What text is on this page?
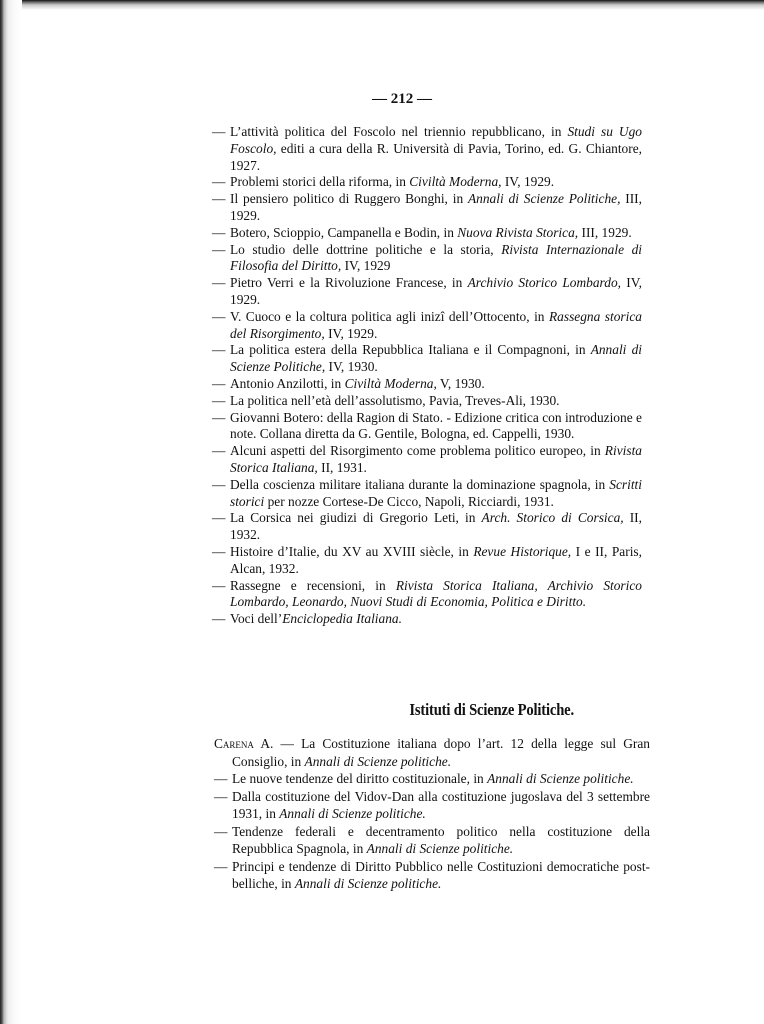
— 212 —
— L’attività politica del Foscolo nel triennio repubblicano, in Studi su Ugo Foscolo, editi a cura della R. Università di Pavia, Torino, ed. G. Chiantore, 1927.
— Problemi storici della riforma, in Civiltà Moderna, IV, 1929.
— Il pensiero politico di Ruggero Bonghi, in Annali di Scienze Politiche, III, 1929.
— Botero, Scioppio, Campanella e Bodin, in Nuova Rivista Storica, III, 1929.
— Lo studio delle dottrine politiche e la storia, Rivista Internazionale di Filosofia del Diritto, IV, 1929
— Pietro Verri e la Rivoluzione Francese, in Archivio Storico Lombardo, IV, 1929.
— V. Cuoco e la coltura politica agli inizî dell’Ottocento, in Rassegna storica del Risorgimento, IV, 1929.
— La politica estera della Repubblica Italiana e il Compagnoni, in Annali di Scienze Politiche, IV, 1930.
— Antonio Anzilotti, in Civiltà Moderna, V, 1930.
— La politica nell’età dell’assolutismo, Pavia, Treves-Ali, 1930.
— Giovanni Botero: della Ragion di Stato. - Edizione critica con introduzione e note. Collana diretta da G. Gentile, Bologna, ed. Cappelli, 1930.
— Alcuni aspetti del Risorgimento come problema politico europeo, in Rivista Storica Italiana, II, 1931.
— Della coscienza militare italiana durante la dominazione spagnola, in Scritti storici per nozze Cortese-De Cicco, Napoli, Ricciardi, 1931.
— La Corsica nei giudizi di Gregorio Leti, in Arch. Storico di Corsica, II, 1932.
— Histoire d’Italie, du XV au XVIII siècle, in Revue Historique, I e II, Paris, Alcan, 1932.
— Rassegne e recensioni, in Rivista Storica Italiana, Archivio Storico Lombardo, Leonardo, Nuovi Studi di Economia, Politica e Diritto.
— Voci dell’Enciclopedia Italiana.
Istituti di Scienze Politiche.
Carena A. — La Costituzione italiana dopo l’art. 12 della legge sul Gran Consiglio, in Annali di Scienze politiche.
— Le nuove tendenze del diritto costituzionale, in Annali di Scienze politiche.
— Dalla costituzione del Vidov-Dan alla costituzione jugoslava del 3 settembre 1931, in Annali di Scienze politiche.
— Tendenze federali e decentramento politico nella costituzione della Repubblica Spagnola, in Annali di Scienze politiche.
— Principi e tendenze di Diritto Pubblico nelle Costituzioni democratiche post-belliche, in Annali di Scienze politiche.
